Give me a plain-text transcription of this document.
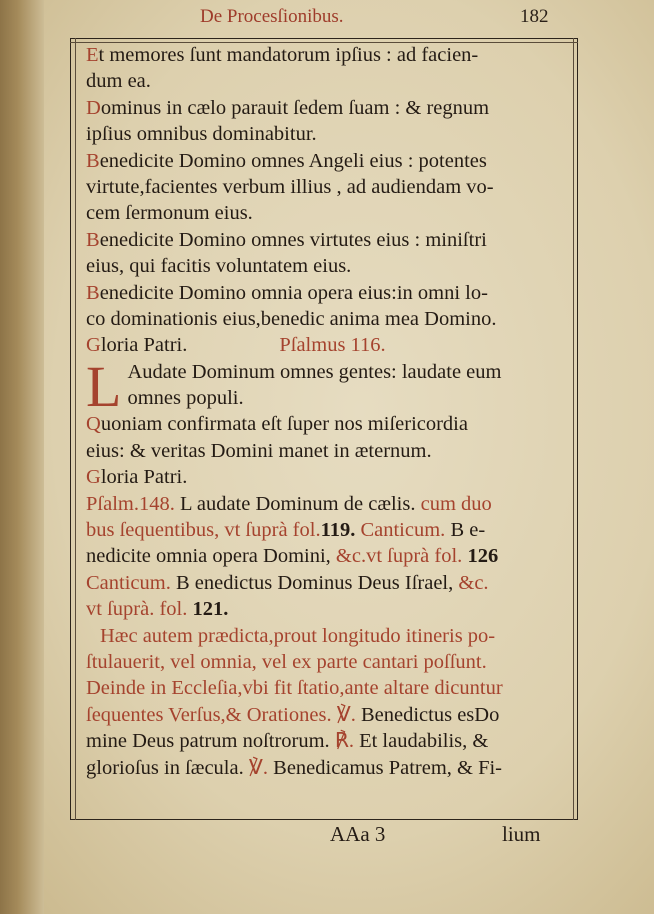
De Procesſionibus.	182
Et memores ſunt mandatorum ipſius : ad facien-
dum ea.
Dominus in cælo parauit ſedem ſuam : & regnum
ipſius omnibus dominabitur.
Benedicite Domino omnes Angeli eius : potentes
virtute,facientes verbum illius , ad audiendam vo-
cem ſermonum eius.
Benedicite Domino omnes virtutes eius : miniſtri
eius, qui facitis voluntatem eius.
Benedicite Domino omnia opera eius:in omni lo-
co dominationis eius,benedic anima mea Domino.
Gloria Patri.	Pſalmus 116.
L Audate Dominum omnes gentes: laudate eum
omnes populi.
Quoniam confirmata eſt ſuper nos miſericordia
eius: & veritas Domini manet in æternum.
Gloria Patri.
Pſalm.148. L audate Dominum de cælis. cum duo
bus ſequentibus, vt ſuprà fol.119. Canticum. B e-
nedicite omnia opera Domini, &c.vt ſuprà fol. 126
Canticum. B enedictus Dominus Deus Iſrael, &c.
vt ſuprà. fol. 121.
Hæc autem prædicta,prout longitudo itineris po-
ſtulauerit, vel omnia, vel ex parte cantari poſſunt.
Deinde in Eccleſia,vbi fit ſtatio,ante altare dicuntur
ſequentes Verſus,& Orationes. ℣. Benedictus esDo
mine Deus patrum noſtrorum. ℟. Et laudabilis, &
glorioſus in ſæcula. ℣. Benedicamus Patrem, & Fi-
AAa 3	lium
